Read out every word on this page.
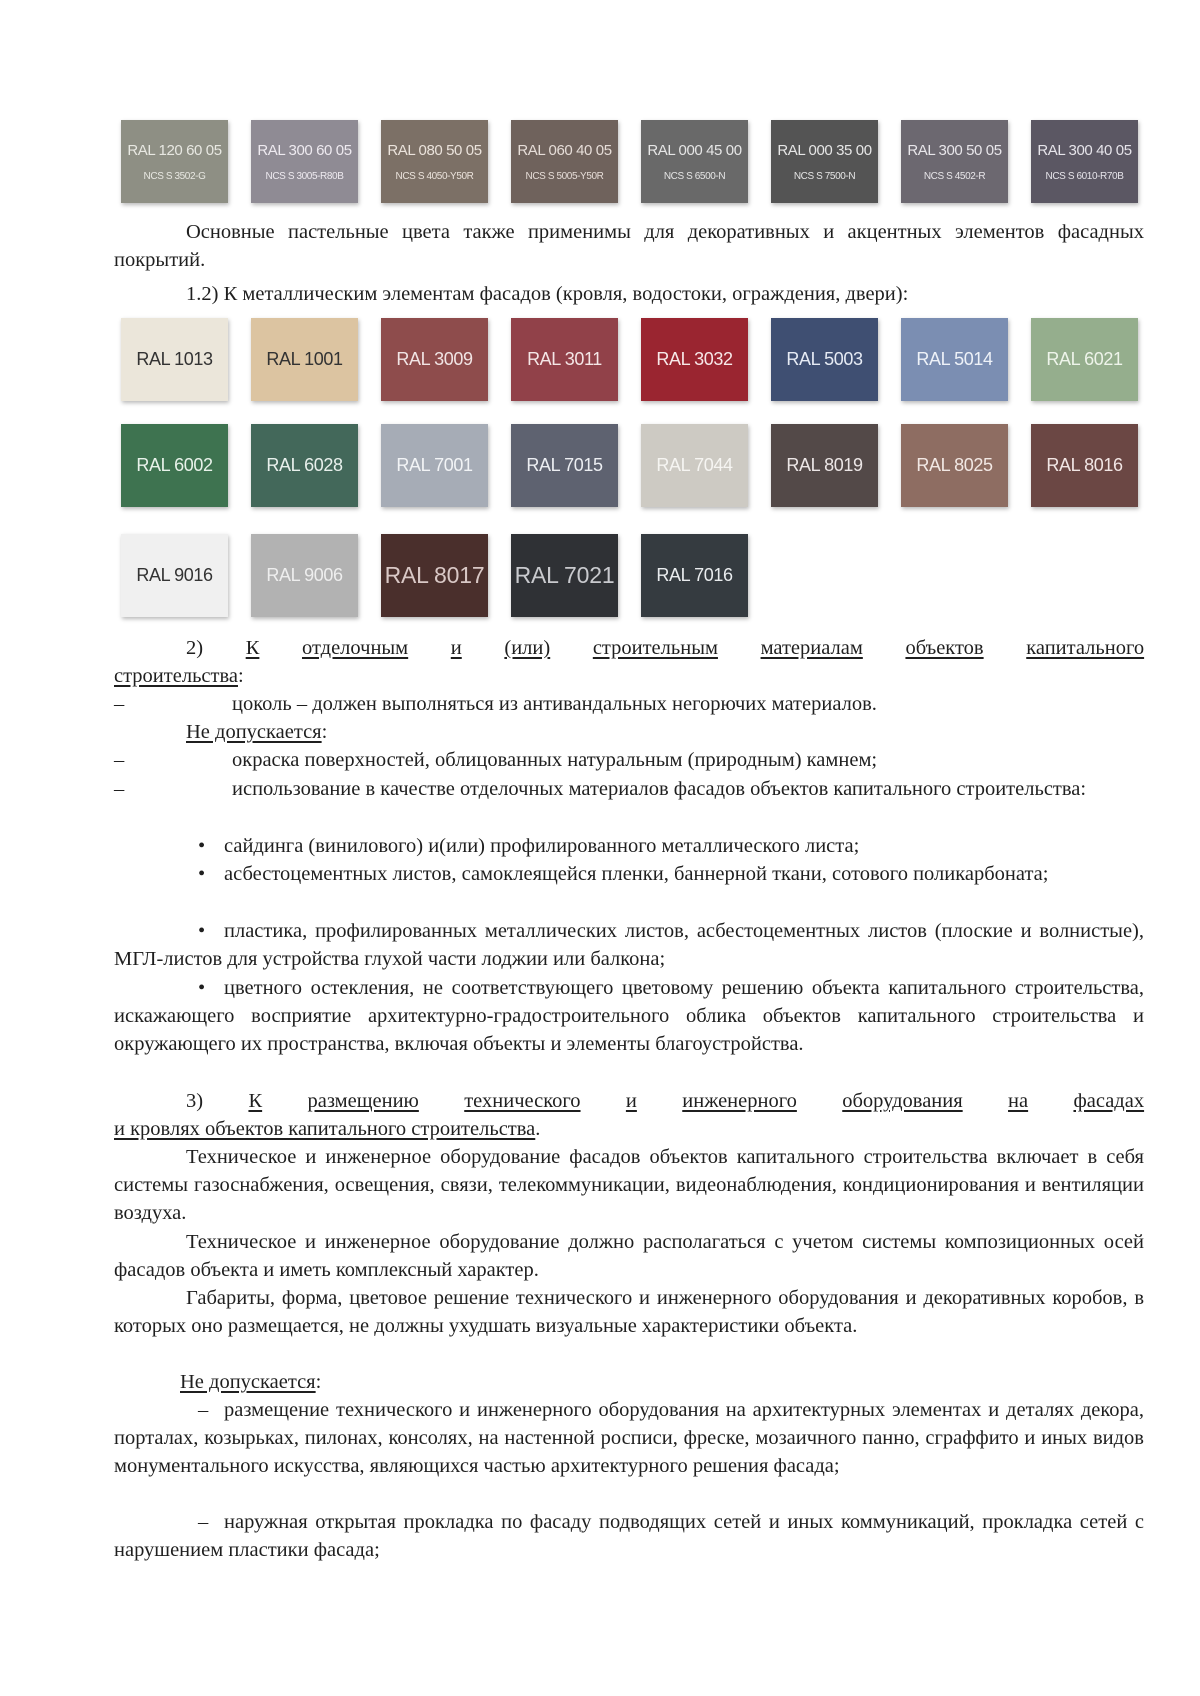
RAL 120 60 05
NCS S 3502-G
RAL 300 60 05
NCS S 3005-R80B
RAL 080 50 05
NCS S 4050-Y50R
RAL 060 40 05
NCS S 5005-Y50R
RAL 000 45 00
NCS S 6500-N
RAL 000 35 00
NCS S 7500-N
RAL 300 50 05
NCS S 4502-R
RAL 300 40 05
NCS S 6010-R70B

Основные пастельные цвета также применимы для декоративных и акцентных элементов фасадных покрытий.

1.2) К металлическим элементам фасадов (кровля, водостоки, ограждения, двери):

RAL 1013	RAL 1001	RAL 3009	RAL 3011	RAL 3032	RAL 5003	RAL 5014	RAL 6021
RAL 6002	RAL 6028	RAL 7001	RAL 7015	RAL 7044	RAL 8019	RAL 8025	RAL 8016
RAL 9016	RAL 9006 RAL 8017 RAL 7021 RAL 7016

2) К отделочным и (или) строительным материалам объектов капитального

строительства:

–	цоколь – должен выполняться из антивандальных негорючих материалов.

Не допускается:

–	окраска поверхностей, облицованных натуральным (природным) камнем;

–	использование в качестве отделочных материалов фасадов объектов капитального строительства:

• сайдинга (винилового) и(или) профилированного металлического листа;

• асбестоцементных листов, самоклеящейся пленки, баннерной ткани, сотового поликарбоната;

• пластика, профилированных металлических листов, асбестоцементных листов (плоские и волнистые), МГЛ-листов для устройства глухой части лоджии или балкона;

• цветного остекления, не соответствующего цветовому решению объекта капитального строительства, искажающего восприятие архитектурно-градостроительного облика объектов капитального строительства и окружающего их пространства, включая объекты и элементы благоустройства.

3) К размещению технического и инженерного оборудования на фасадах

и кровлях объектов капитального строительства.

Техническое и инженерное оборудование фасадов объектов капитального строительства включает в себя системы газоснабжения, освещения, связи, телекоммуникации, видеонаблюдения, кондиционирования и вентиляции воздуха.

Техническое и инженерное оборудование должно располагаться с учетом системы композиционных осей фасадов объекта и иметь комплексный характер.

Габариты, форма, цветовое решение технического и инженерного оборудования и декоративных коробов, в которых оно размещается, не должны ухудшать визуальные характеристики объекта.

Не допускается:

– размещение технического и инженерного оборудования на архитектурных элементах и деталях декора, порталах, козырьках, пилонах, консолях, на настенной росписи, фреске, мозаичного панно, сграффито и иных видов монументального искусства, являющихся частью архитектурного решения фасада;

– наружная открытая прокладка по фасаду подводящих сетей и иных коммуникаций, прокладка сетей с нарушением пластики фасада;
